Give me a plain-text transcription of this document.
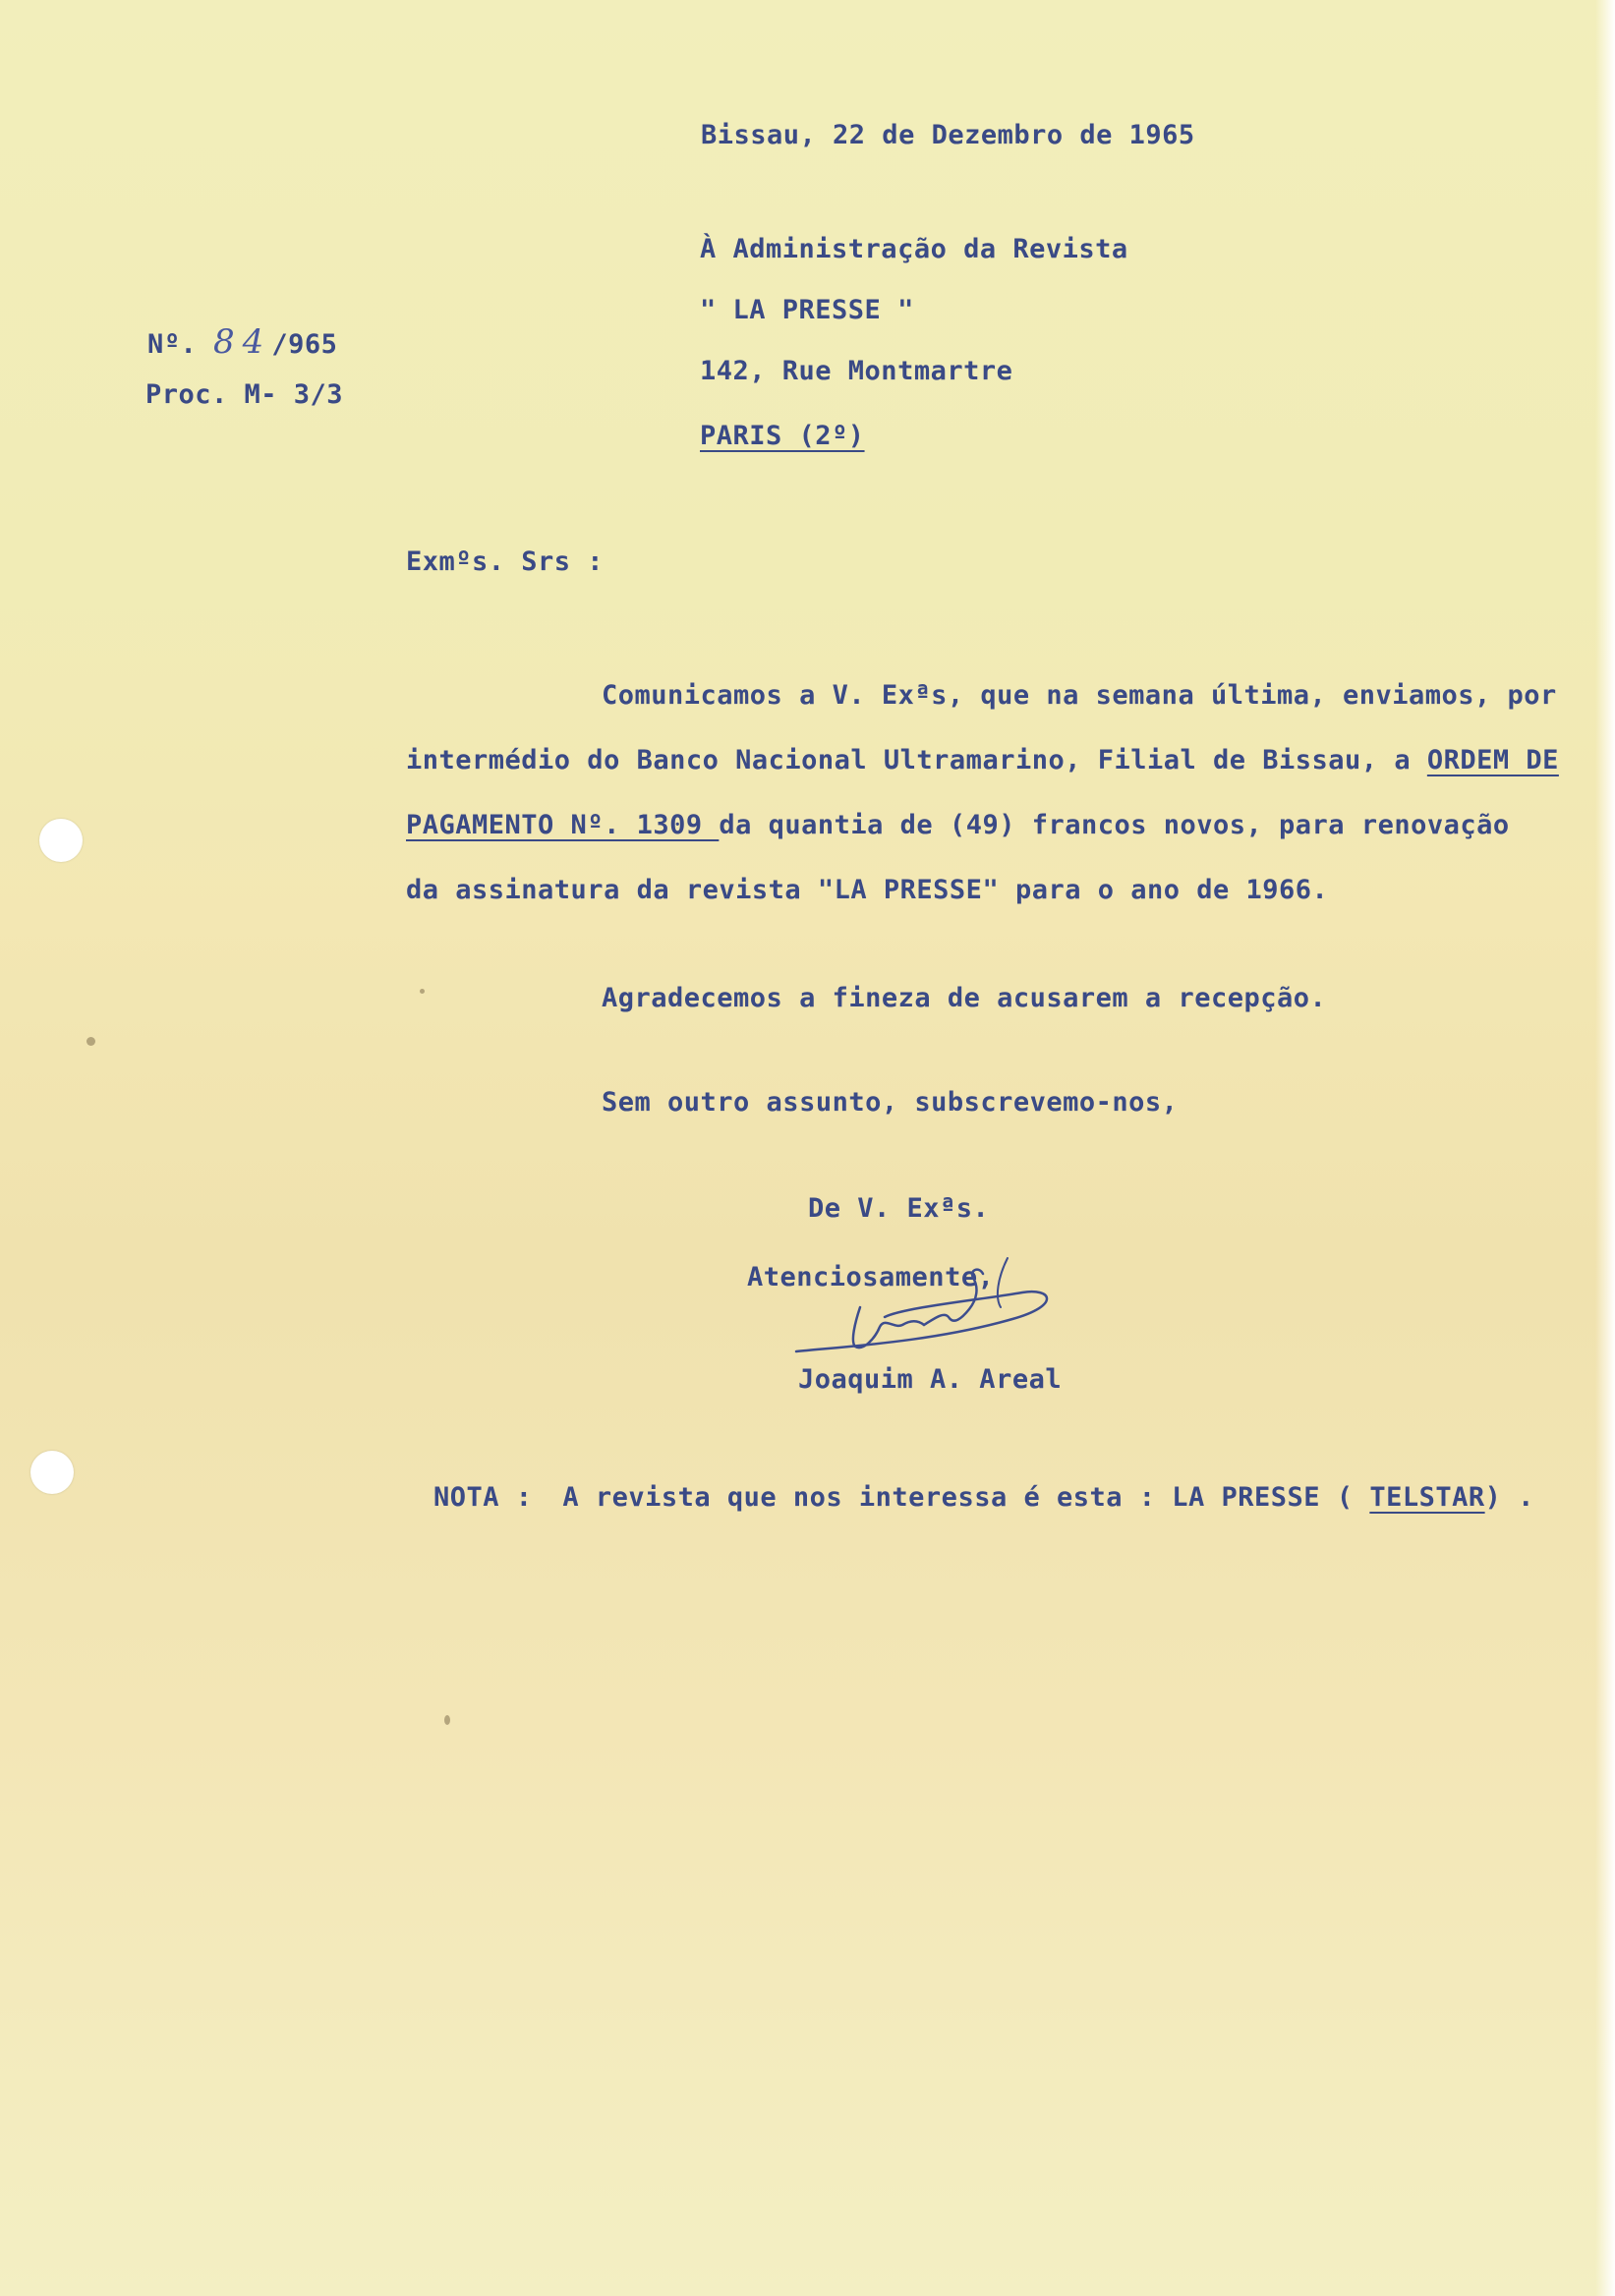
Bissau, 22 de Dezembro de 1965
Nº. 84/965
Proc. M- 3/3
À Administração da Revista
" LA PRESSE "
142, Rue Montmartre
PARIS (2º)
Exmºs. Srs :
Comunicamos a V. Exªs, que na semana última, enviamos, por
intermédio do Banco Nacional Ultramarino, Filial de Bissau, a ORDEM DE
PAGAMENTO Nº. 1309 da quantia de (49) francos novos, para renovação
da assinatura da revista "LA PRESSE" para o ano de 1966.
Agradecemos a fineza de acusarem a recepção.
Sem outro assunto, subscrevemo-nos,
De V. Exªs.
Atenciosamente,
Joaquim A. Areal
NOTA : A revista que nos interessa é esta : LA PRESSE ( TELSTAR) .
